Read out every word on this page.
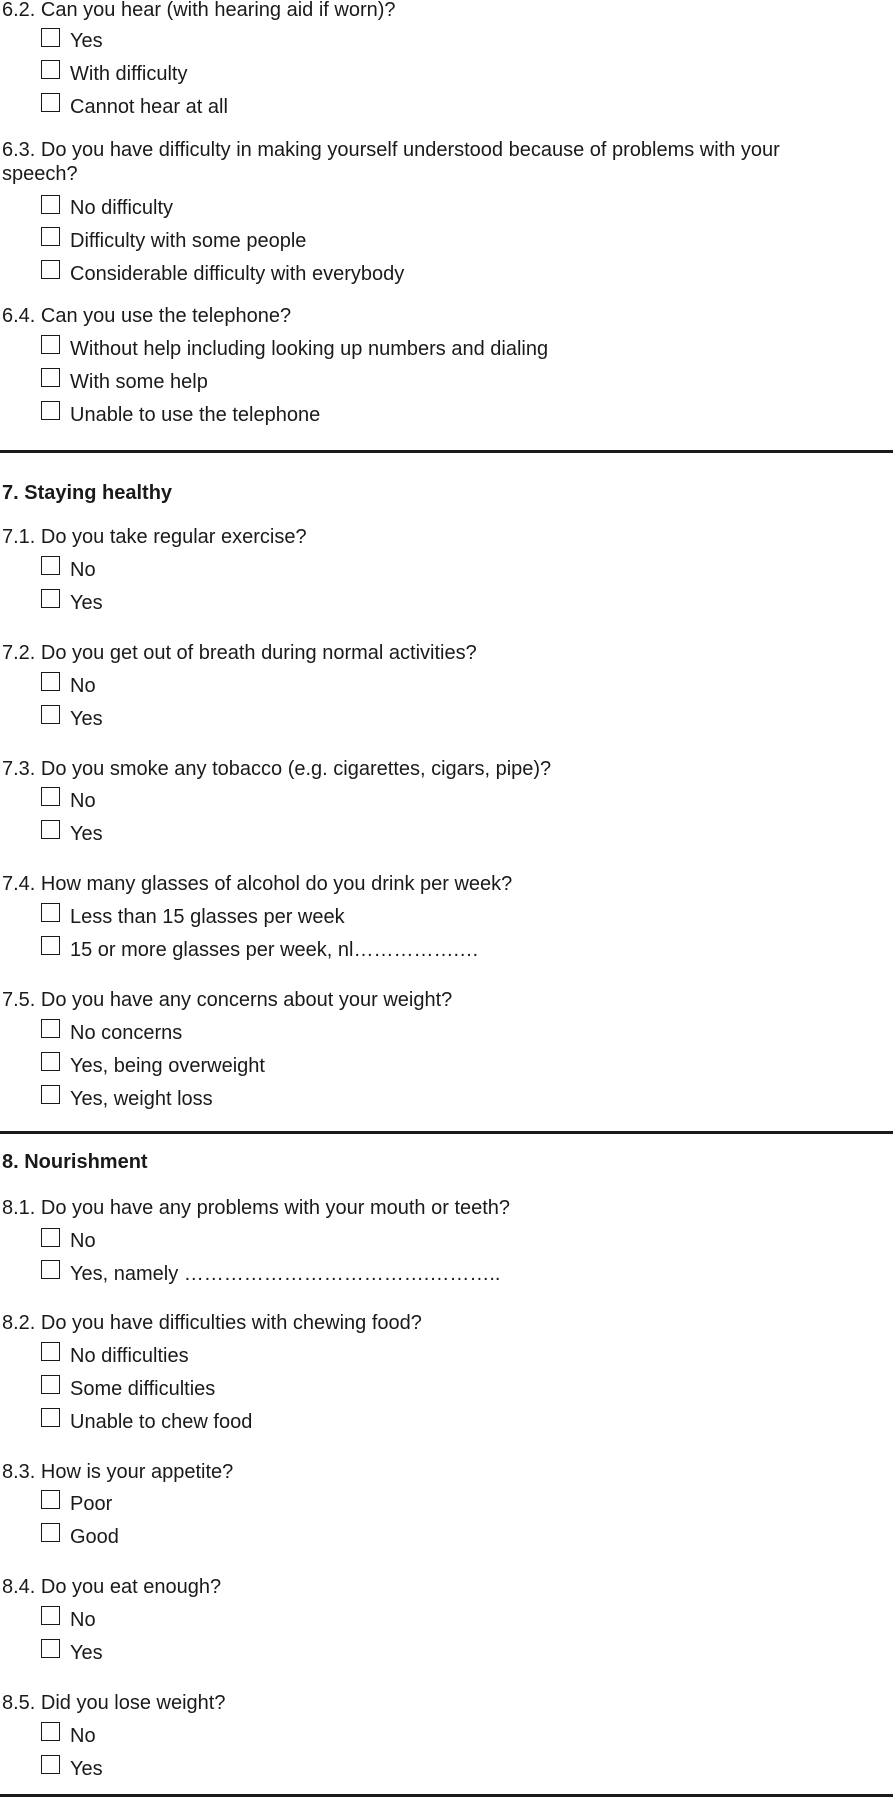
6.2. Can you hear (with hearing aid if worn)?
Yes
With difficulty
Cannot hear at all
6.3. Do you have difficulty in making yourself understood because of problems with your
speech?
No difficulty
Difficulty with some people
Considerable difficulty with everybody
6.4. Can you use the telephone?
Without help including looking up numbers and dialing
With some help
Unable to use the telephone
7. Staying healthy
7.1. Do you take regular exercise?
No
Yes
7.2. Do you get out of breath during normal activities?
No
Yes
7.3. Do you smoke any tobacco (e.g. cigarettes, cigars, pipe)?
No
Yes
7.4. How many glasses of alcohol do you drink per week?
Less than 15 glasses per week
15 or more glasses per week, nl…………….…
7.5. Do you have any concerns about your weight?
No concerns
Yes, being overweight
Yes, weight loss
8. Nourishment
8.1. Do you have any problems with your mouth or teeth?
No
Yes, namely ……………………………….………..
8.2. Do you have difficulties with chewing food?
No difficulties
Some difficulties
Unable to chew food
8.3. How is your appetite?
Poor
Good
8.4. Do you eat enough?
No
Yes
8.5. Did you lose weight?
No
Yes
